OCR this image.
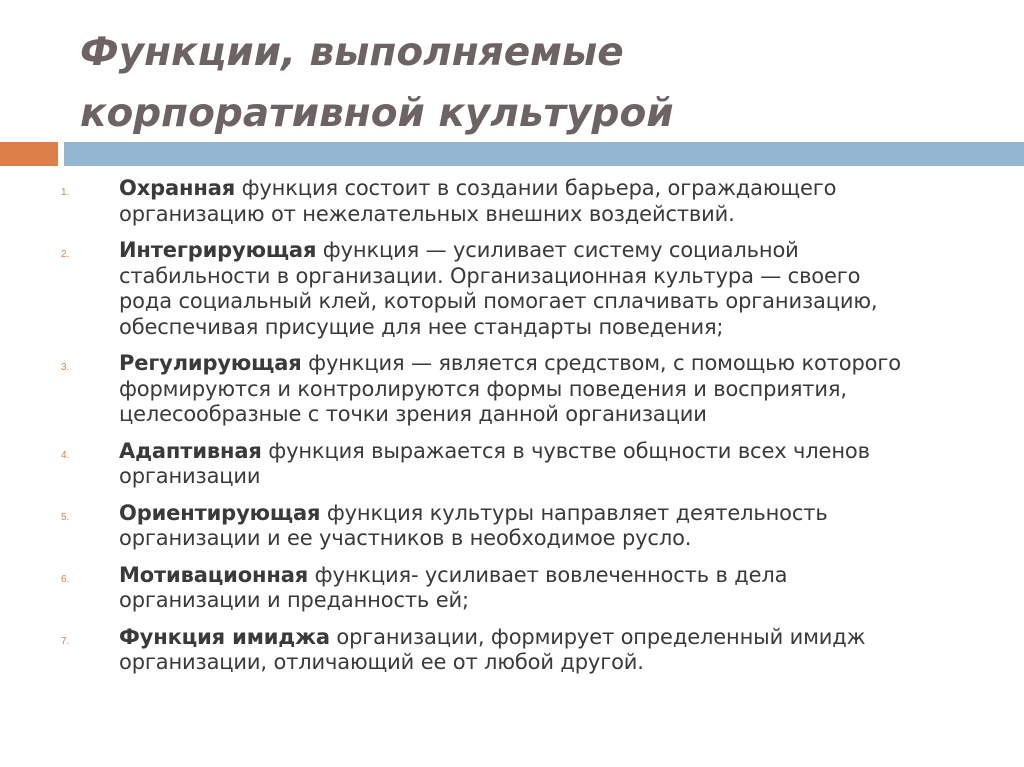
Функции, выполняемые
корпоративной культурой
1. Охранная функция состоит в создании барьера, ограждающего
организацию от нежелательных внешних воздействий.

2. Интегрирующая функция — усиливает систему социальной
стабильности в организации. Организационная культура — своего
рода социальный клей, который помогает сплачивать организацию,
обеспечивая присущие для нее стандарты поведения;

3. Регулирующая функция — является средством, с помощью которого
формируются и контролируются формы поведения и восприятия,
целесообразные с точки зрения данной организации

4. Адаптивная функция выражается в чувстве общности всех членов
организации

5. Ориентирующая функция культуры направляет деятельность
организации и ее участников в необходимое русло.

6. Мотивационная функция- усиливает вовлеченность в дела
организации и преданность ей;

7. Функция имиджа организации, формирует определенный имидж
организации, отличающий ее от любой другой.
